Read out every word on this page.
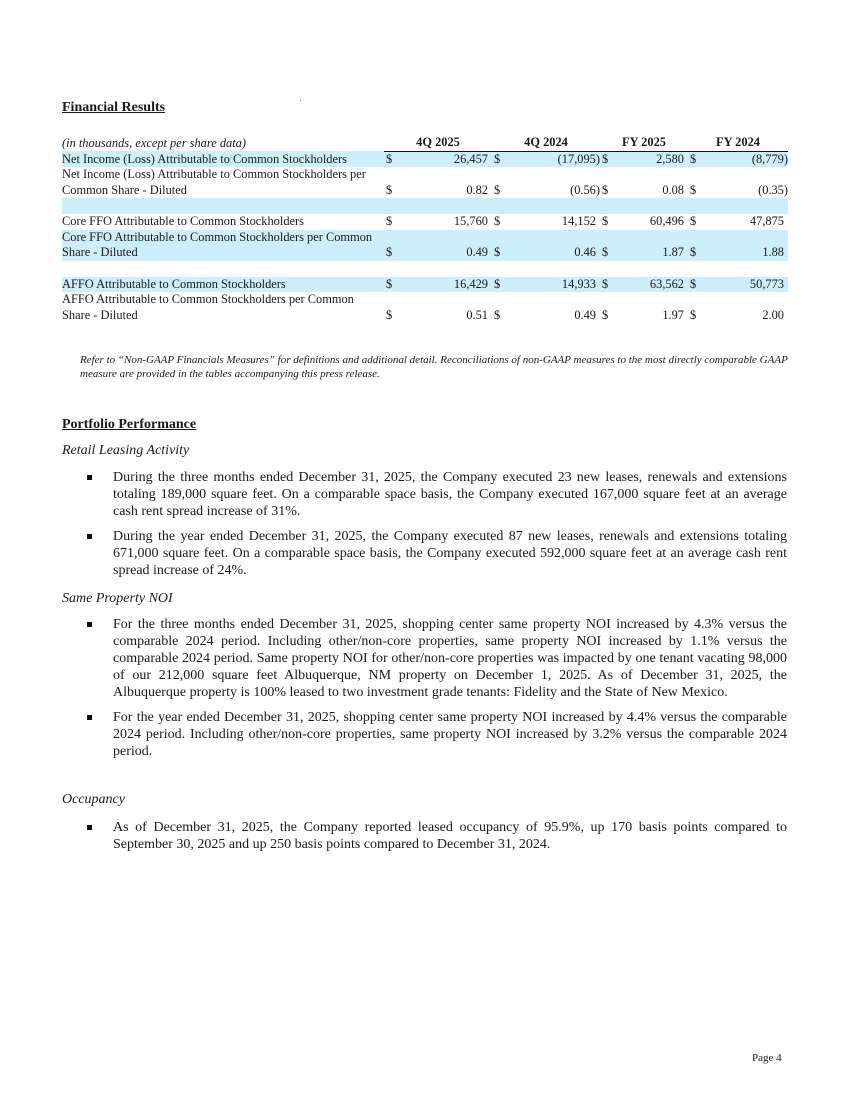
Financial Results
(in thousands, except per share data)	4Q 2025		4Q 2024		FY 2025		FY 2024	
Net Income (Loss) Attributable to Common Stockholders	$	26,457	$	(17,095)	$	2,580	$	(8,779)
Net Income (Loss) Attributable to Common Stockholders per Common Share - Diluted	$	0.82	$	(0.56)	$	0.08	$	(0.35)

Core FFO Attributable to Common Stockholders	$	15,760	$	14,152	$	60,496	$	47,875
Core FFO Attributable to Common Stockholders per Common Share - Diluted	$	0.49	$	0.46	$	1.87	$	1.88

AFFO Attributable to Common Stockholders	$	16,429	$	14,933	$	63,562	$	50,773
AFFO Attributable to Common Stockholders per Common Share - Diluted	$	0.51	$	0.49	$	1.97	$	2.00

Refer to “Non-GAAP Financials Measures” for definitions and additional detail. Reconciliations of non-GAAP measures to the most directly comparable GAAP measure are provided in the tables accompanying this press release.

Portfolio Performance

Retail Leasing Activity

During the three months ended December 31, 2025, the Company executed 23 new leases, renewals and extensions totaling 189,000 square feet. On a comparable space basis, the Company executed 167,000 square feet at an average cash rent spread increase of 31%.
During the year ended December 31, 2025, the Company executed 87 new leases, renewals and extensions totaling 671,000 square feet. On a comparable space basis, the Company executed 592,000 square feet at an average cash rent spread increase of 24%.

Same Property NOI

For the three months ended December 31, 2025, shopping center same property NOI increased by 4.3% versus the comparable 2024 period. Including other/non-core properties, same property NOI increased by 1.1% versus the comparable 2024 period. Same property NOI for other/non-core properties was impacted by one tenant vacating 98,000 of our 212,000 square feet Albuquerque, NM property on December 1, 2025. As of December 31, 2025, the Albuquerque property is 100% leased to two investment grade tenants: Fidelity and the State of New Mexico.
For the year ended December 31, 2025, shopping center same property NOI increased by 4.4% versus the comparable 2024 period. Including other/non-core properties, same property NOI increased by 3.2% versus the comparable 2024 period.

Occupancy

As of December 31, 2025, the Company reported leased occupancy of 95.9%, up 170 basis points compared to September 30, 2025 and up 250 basis points compared to December 31, 2024.
Page 4
